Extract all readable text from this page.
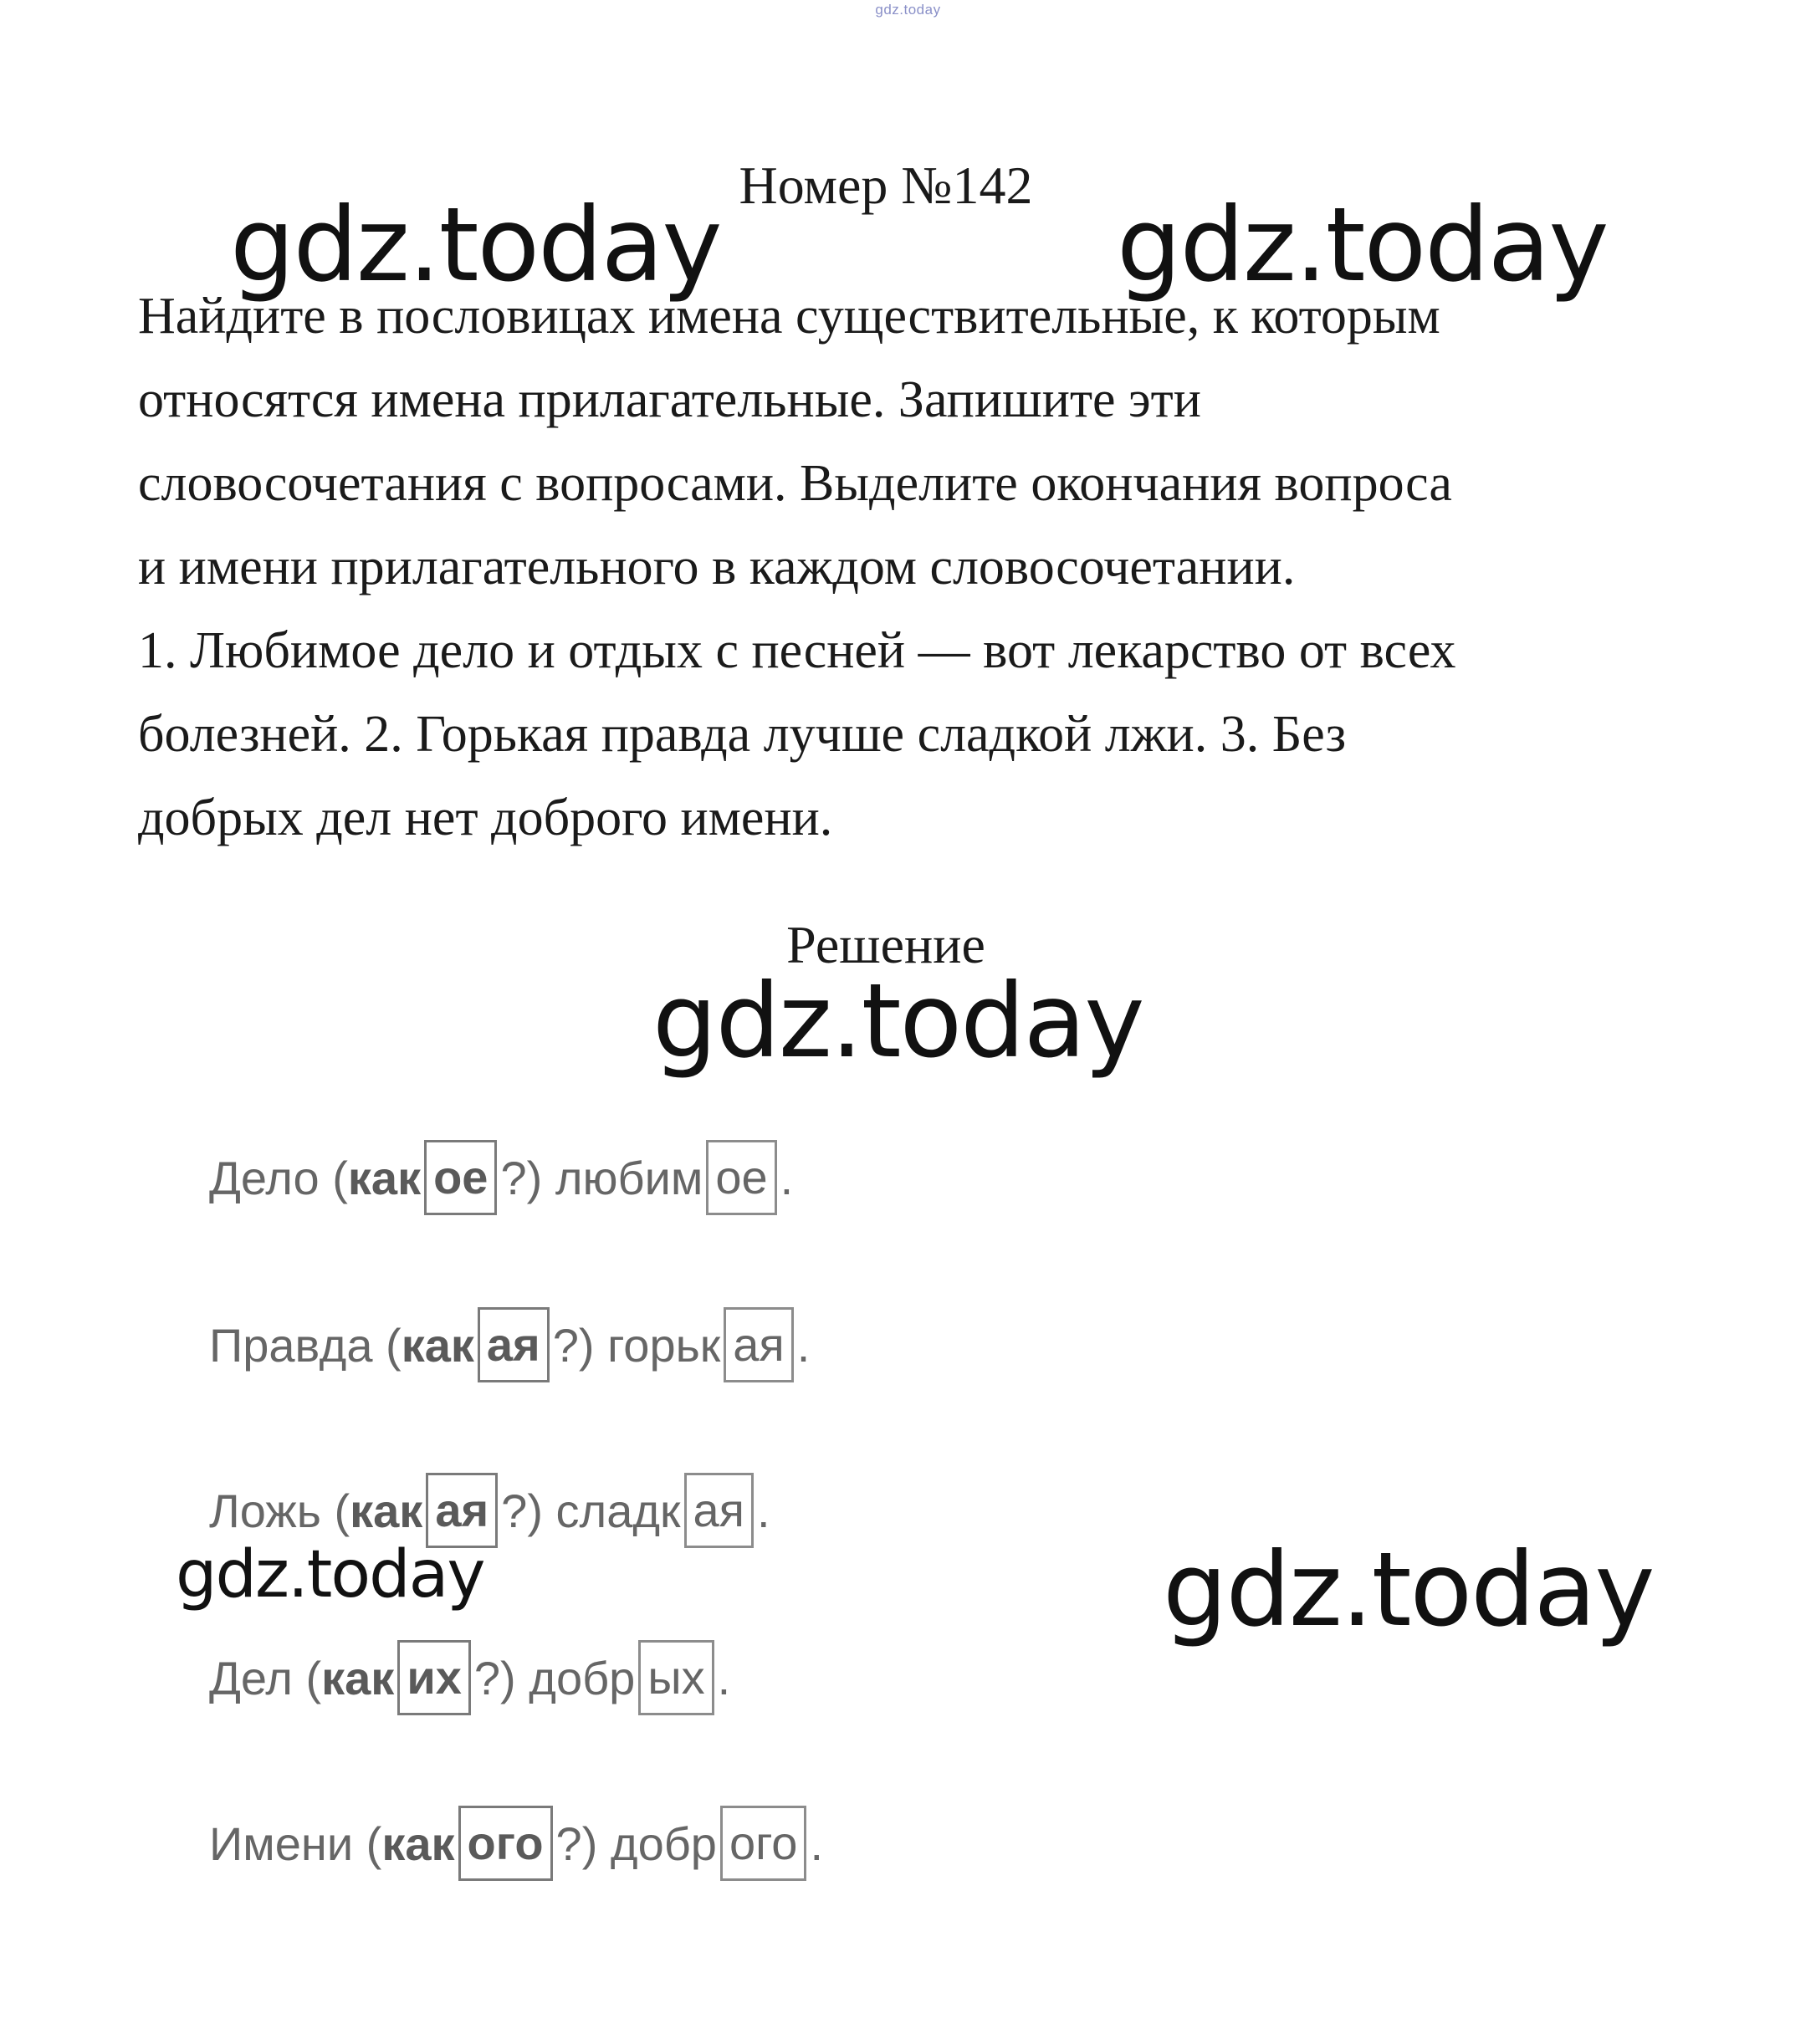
gdz.today
Номер №142
gdz.today	gdz.today

Найдите в пословицах имена существительные, к которым

относятся имена прилагательные. Запишите эти

словосочетания с вопросами. Выделите окончания вопроса

и имени прилагательного в каждом словосочетании.

1. Любимое дело и отдых с песней — вот лекарство от всех

болезней. 2. Горькая правда лучше сладкой лжи. 3. Без

добрых дел нет доброго имени.

Решение
gdz.today
gdz.today
gdz.today
Дело
( как ое ? )
любим ое .
Правда
( как ая ? )
горьк ая .
Ложь
( как ая ? )
сладк ая .
Дел
( как их ? )
добр ых .
Имени
( как ого ? )
добр ого .
